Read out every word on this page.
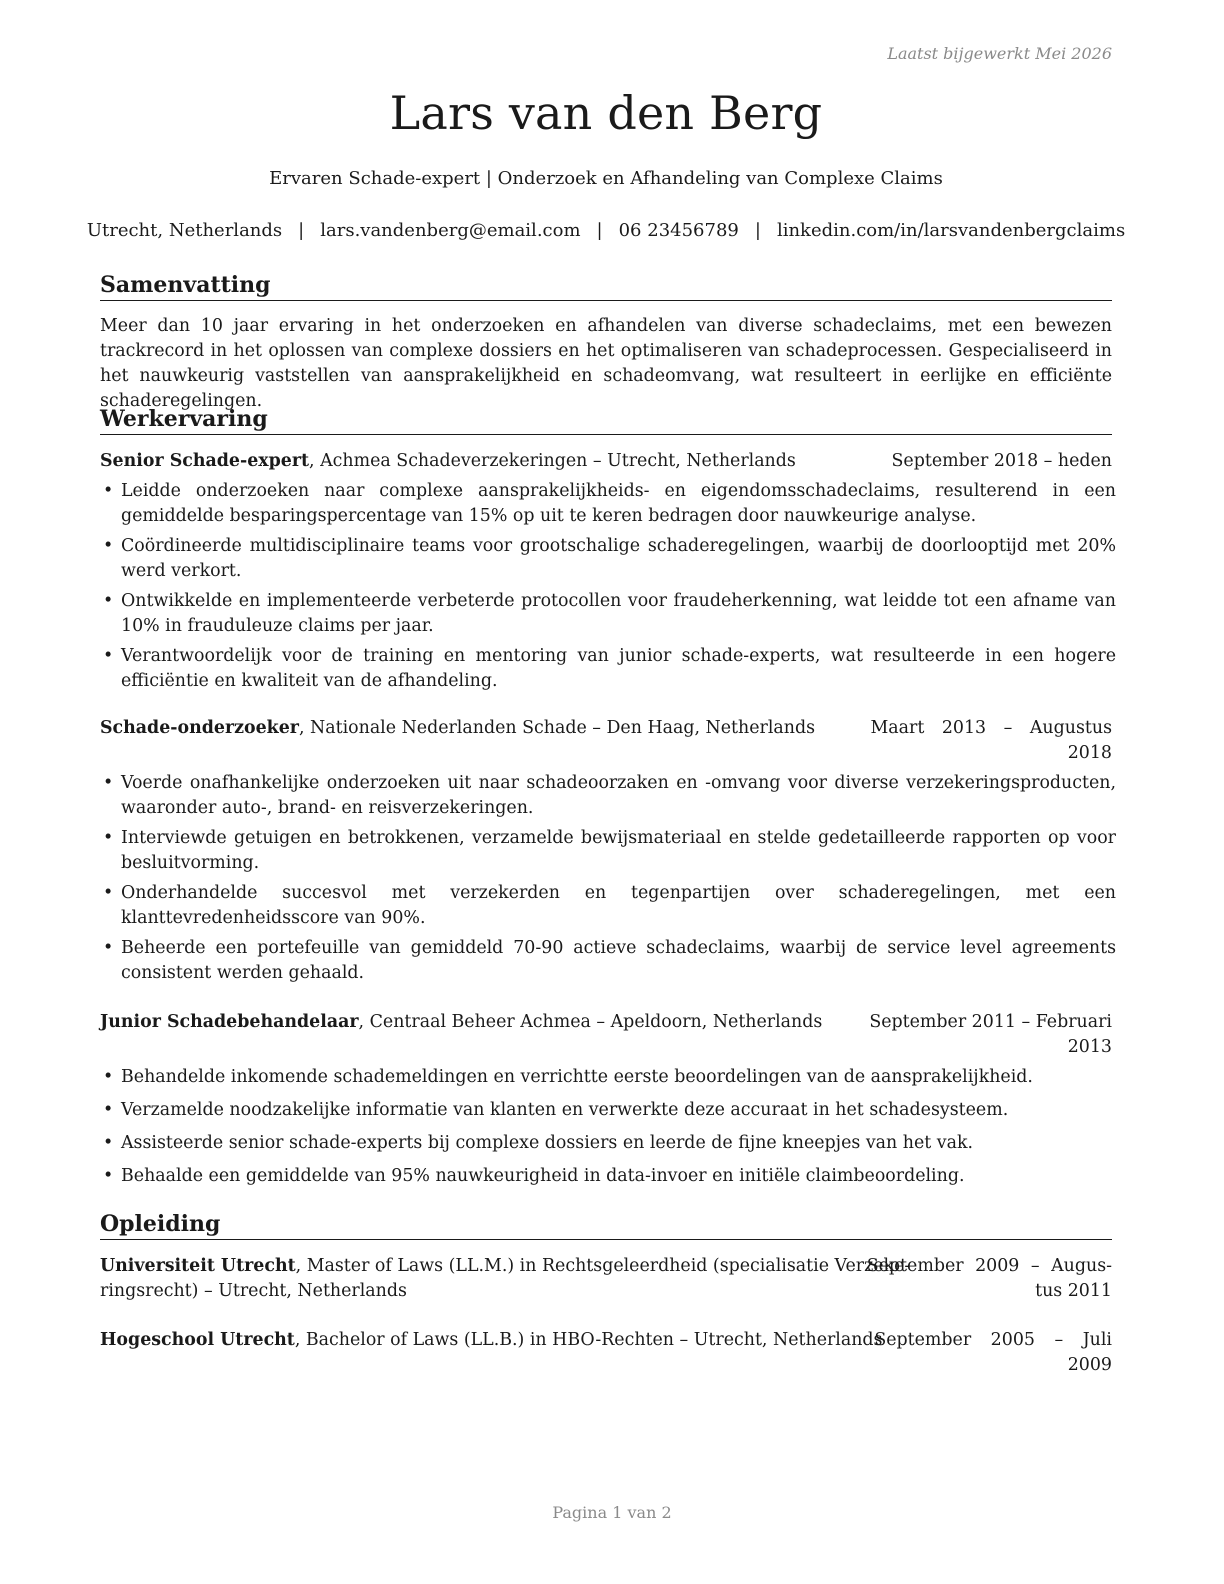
Laatst bijgewerkt Mei 2026
Lars van den Berg
Ervaren Schade-expert | Onderzoek en Afhandeling van Complexe Claims
Utrecht, Netherlands | lars.vandenberg@email.com | 06 23456789 | linkedin.com/in/larsvandenbergclaims
Samenvatting
Meer dan 10 jaar ervaring in het onderzoeken en afhandelen van diverse schadeclaims, met een bewezen trackrecord in het oplossen van complexe dossiers en het optimaliseren van schadeprocessen. Gespecialiseerd in het nauwkeurig vaststellen van aansprakelijkheid en schadeomvang, wat resulteert in eerlijke en efficiënte schaderegelingen.
Werkervaring
Senior Schade-expert, Achmea Schadeverzekeringen – Utrecht, Netherlands	September 2018 – heden
• Leidde onderzoeken naar complexe aansprakelijkheids- en eigendomsschadeclaims, resulterend in een gemiddelde besparingspercentage van 15% op uit te keren bedragen door nauwkeurige analyse.
• Coördineerde multidisciplinaire teams voor grootschalige schaderegelingen, waarbij de doorlooptijd met 20% werd verkort.
• Ontwikkelde en implementeerde verbeterde protocollen voor fraudeherkenning, wat leidde tot een afname van 10% in frauduleuze claims per jaar.
• Verantwoordelijk voor de training en mentoring van junior schade-experts, wat resulteerde in een hogere efficiëntie en kwaliteit van de afhandeling.
Schade-onderzoeker, Nationale Nederlanden Schade – Den Haag, Netherlands	Maart 2013 – Augustus
2018
• Voerde onafhankelijke onderzoeken uit naar schadeoorzaken en -omvang voor diverse verzekeringsproducten, waaronder auto-, brand- en reisverzekeringen.
• Interviewde getuigen en betrokkenen, verzamelde bewijsmateriaal en stelde gedetailleerde rapporten op voor besluitvorming.
• Onderhandelde succesvol met verzekerden en tegenpartijen over schaderegelingen, met een klanttevredenheidsscore van 90%.
• Beheerde een portefeuille van gemiddeld 70-90 actieve schadeclaims, waarbij de service level agreements consistent werden gehaald.
Junior Schadebehandelaar, Centraal Beheer Achmea – Apeldoorn, Netherlands	September 2011 – Februari
2013
• Behandelde inkomende schademeldingen en verrichtte eerste beoordelingen van de aansprakelijkheid.
• Verzamelde noodzakelijke informatie van klanten en verwerkte deze accuraat in het schadesysteem.
• Assisteerde senior schade-experts bij complexe dossiers en leerde de fijne kneepjes van het vak.
• Behaalde een gemiddelde van 95% nauwkeurigheid in data-invoer en initiële claimbeoordeling.
Opleiding
Universiteit Utrecht, Master of Laws (LL.M.) in Rechtsgeleerdheid (specialisatie Verzeke-
ringsrecht) – Utrecht, Netherlands
September 2009 – Augus-
tus 2011
Hogeschool Utrecht, Bachelor of Laws (LL.B.) in HBO-Rechten – Utrecht, Netherlands
September 2005 – Juli
2009
Pagina 1 van 2
